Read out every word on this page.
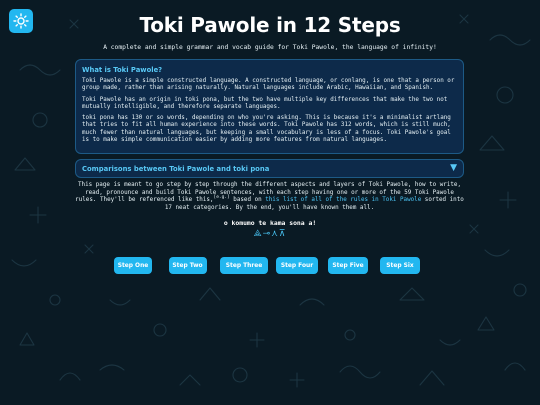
Toki Pawole in 12 Steps
A complete and simple grammar and vocab guide for Toki Pawole, the language of infinity!
What is Toki Pawole?

Toki Pawole is a simple constructed language. A constructed language, or conlang, is one that a person or group made, rather than arising naturally. Natural languages include Arabic, Hawaiian, and Spanish.

Toki Pawole has an origin in toki pona, but the two have multiple key differences that make the two not mutually intelligible, and therefore separate languages.

toki pona has 130 or so words, depending on who you're asking. This is because it's a minimalist artlang that tries to fit all human experience into these words. Toki Pawole has 312 words, which is still much, much fewer than natural languages, but keeping a small vocabulary is less of a focus. Toki Pawole's goal is to make simple communication easier by adding more features from natural languages.

Comparisons between Toki Pawole and toki pona	▼
This page is meant to go step by step through the different aspects and layers of Toki Pawole, how to write, read, pronounce and build Toki Pawole sentences, with each step having one or more of the 59 Toki Pawole rules. They'll be referenced like this,[e.g.] based on this list of all of the rules in Toki Pawole sorted into 17 neat categories. By the end, you'll have known them all.
o komumo te kama sona a!
⟁⊸⋏⊼
Step One	Step Two	Step Three	Step Four	Step Five	Step Six
